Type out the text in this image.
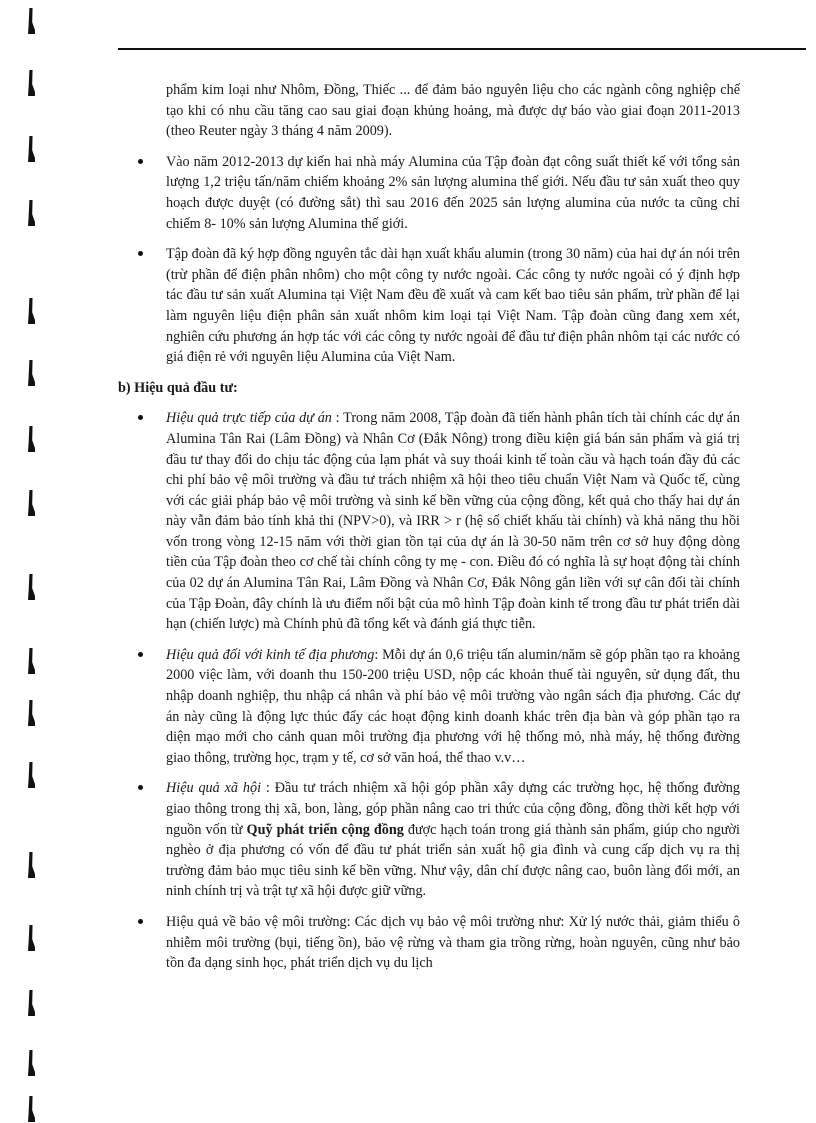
phẩm kim loại như Nhôm, Đồng, Thiếc ... để đảm bảo nguyên liệu cho các ngành công nghiệp chế tạo khi có nhu cầu tăng cao sau giai đoạn khủng hoảng, mà được dự báo vào giai đoạn 2011-2013 (theo Reuter ngày 3 tháng 4 năm 2009).

Vào năm 2012-2013 dự kiến hai nhà máy Alumina của Tập đoàn đạt công suất thiết kế với tổng sản lượng 1,2 triệu tấn/năm chiếm khoảng 2% sản lượng alumina thế giới. Nếu đầu tư sản xuất theo quy hoạch được duyệt (có đường sắt) thì sau 2016 đến 2025 sản lượng alumina của nước ta cũng chỉ chiếm 8- 10% sản lượng Alumina thế giới.
Tập đoàn đã ký hợp đồng nguyên tắc dài hạn xuất khẩu alumin (trong 30 năm) của hai dự án nói trên (trừ phần để điện phân nhôm) cho một công ty nước ngoài. Các công ty nước ngoài có ý định hợp tác đầu tư sản xuất Alumina tại Việt Nam đều đề xuất và cam kết bao tiêu sản phẩm, trừ phần để lại làm nguyên liệu điện phân sản xuất nhôm kim loại tại Việt Nam. Tập đoàn cũng đang xem xét, nghiên cứu phương án hợp tác với các công ty nước ngoài để đầu tư điện phân nhôm tại các nước có giá điện rẻ với nguyên liệu Alumina của Việt Nam.
b) Hiệu quả đầu tư:
Hiệu quả trực tiếp của dự án : Trong năm 2008, Tập đoàn đã tiến hành phân tích tài chính các dự án Alumina Tân Rai (Lâm Đồng) và Nhân Cơ (Đắk Nông) trong điều kiện giá bán sản phẩm và giá trị đầu tư thay đổi do chịu tác động của lạm phát và suy thoái kinh tế toàn cầu và hạch toán đầy đủ các chi phí bảo vệ môi trường và đầu tư trách nhiệm xã hội theo tiêu chuẩn Việt Nam và Quốc tế, cùng với các giải pháp bảo vệ môi trường và sinh kế bền vững của cộng đồng, kết quả cho thấy hai dự án này vẫn đảm bảo tính khả thi (NPV>0), và IRR > r (hệ số chiết khấu tài chính) và khả năng thu hồi vốn trong vòng 12-15 năm với thời gian tồn tại của dự án là 30-50 năm trên cơ sở huy động dòng tiền của Tập đoàn theo cơ chế tài chính công ty mẹ - con. Điều đó có nghĩa là sự hoạt động tài chính của 02 dự án Alumina Tân Rai, Lâm Đồng và Nhân Cơ, Đắk Nông gắn liền với sự cân đối tài chính của Tập Đoàn, đây chính là ưu điểm nổi bật của mô hình Tập đoàn kinh tế trong đầu tư phát triển dài hạn (chiến lược) mà Chính phủ đã tổng kết và đánh giá thực tiễn.
Hiệu quả đối với kinh tế địa phương: Mỗi dự án 0,6 triệu tấn alumin/năm sẽ góp phần tạo ra khoảng 2000 việc làm, với doanh thu 150-200 triệu USD, nộp các khoản thuế tài nguyên, sử dụng đất, thu nhập doanh nghiệp, thu nhập cá nhân và phí bảo vệ môi trường vào ngân sách địa phương. Các dự án này cũng là động lực thúc đẩy các hoạt động kinh doanh khác trên địa bàn và góp phần tạo ra diện mạo mới cho cảnh quan môi trường địa phương với hệ thống mỏ, nhà máy, hệ thống đường giao thông, trường học, trạm y tế, cơ sở văn hoá, thể thao v.v…
Hiệu quả xã hội : Đầu tư trách nhiệm xã hội góp phần xây dựng các trường học, hệ thống đường giao thông trong thị xã, bon, làng, góp phần nâng cao tri thức của cộng đồng, đồng thời kết hợp với nguồn vốn từ Quỹ phát triển cộng đồng được hạch toán trong giá thành sản phẩm, giúp cho người nghèo ở địa phương có vốn để đầu tư phát triển sản xuất hộ gia đình và cung cấp dịch vụ ra thị trường đảm bảo mục tiêu sinh kế bền vững. Như vậy, dân chí được nâng cao, buôn làng đổi mới, an ninh chính trị và trật tự xã hội được giữ vững.
Hiệu quả về bảo vệ môi trường: Các dịch vụ bảo vệ môi trường như: Xử lý nước thải, giảm thiểu ô nhiễm môi trường (bụi, tiếng ồn), bảo vệ rừng và tham gia trồng rừng, hoàn nguyên, cũng như bảo tồn đa dạng sinh học, phát triển dịch vụ du lịch
